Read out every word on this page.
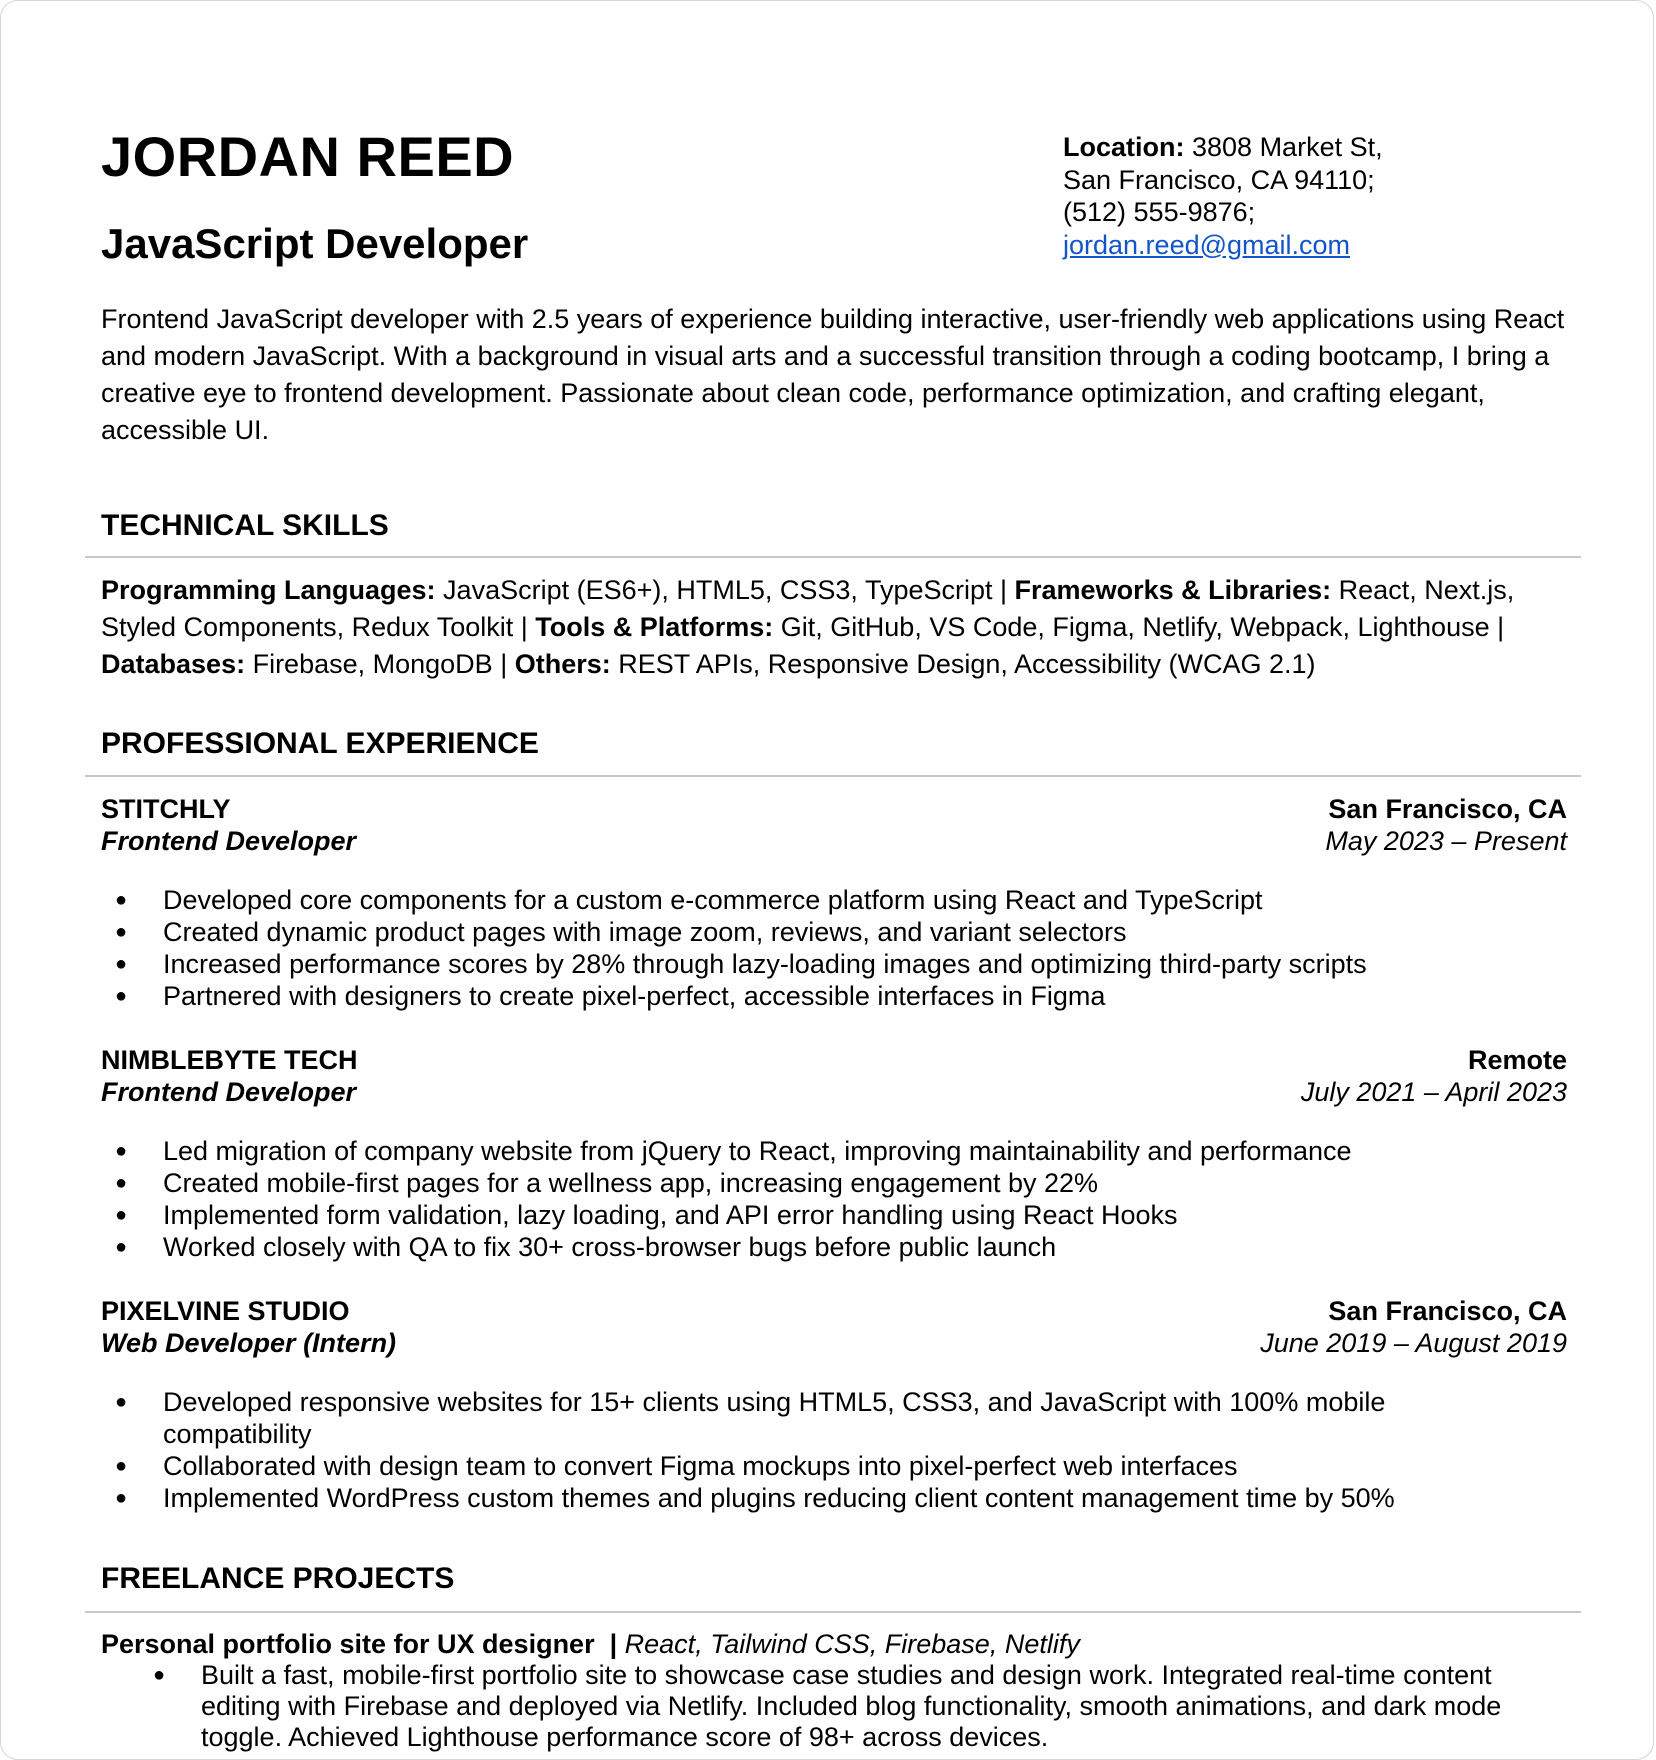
JORDAN REED
JavaScript Developer
Location: 3808 Market St,
San Francisco, CA 94110;
(512) 555-9876;
jordan.reed@gmail.com

Frontend JavaScript developer with 2.5 years of experience building interactive, user-friendly web applications using React and modern JavaScript. With a background in visual arts and a successful transition through a coding bootcamp, I bring a creative eye to frontend development. Passionate about clean code, performance optimization, and crafting elegant, accessible UI.

TECHNICAL SKILLS

Programming Languages: JavaScript (ES6+), HTML5, CSS3, TypeScript | Frameworks & Libraries: React, Next.js, Styled Components, Redux Toolkit | Tools & Platforms: Git, GitHub, VS Code, Figma, Netlify, Webpack, Lighthouse | Databases: Firebase, MongoDB | Others: REST APIs, Responsive Design, Accessibility (WCAG 2.1)

PROFESSIONAL EXPERIENCE
STITCHLY	San Francisco, CA
Frontend Developer	May 2023 – Present
● Developed core components for a custom e-commerce platform using React and TypeScript
● Created dynamic product pages with image zoom, reviews, and variant selectors
● Increased performance scores by 28% through lazy-loading images and optimizing third-party scripts
● Partnered with designers to create pixel-perfect, accessible interfaces in Figma
NIMBLEBYTE TECH	Remote
Frontend Developer	July 2021 – April 2023
● Led migration of company website from jQuery to React, improving maintainability and performance
● Created mobile-first pages for a wellness app, increasing engagement by 22%
● Implemented form validation, lazy loading, and API error handling using React Hooks
● Worked closely with QA to fix 30+ cross-browser bugs before public launch
PIXELVINE STUDIO	San Francisco, CA
Web Developer (Intern)	June 2019 – August 2019
● Developed responsive websites for 15+ clients using HTML5, CSS3, and JavaScript with 100% mobile compatibility
● Collaborated with design team to convert Figma mockups into pixel-perfect web interfaces
● Implemented WordPress custom themes and plugins reducing client content management time by 50%
FREELANCE PROJECTS
Personal portfolio site for UX designer  | React, Tailwind CSS, Firebase, Netlify
● Built a fast, mobile-first portfolio site to showcase case studies and design work. Integrated real-time content editing with Firebase and deployed via Netlify. Included blog functionality, smooth animations, and dark mode toggle. Achieved Lighthouse performance score of 98+ across devices.
